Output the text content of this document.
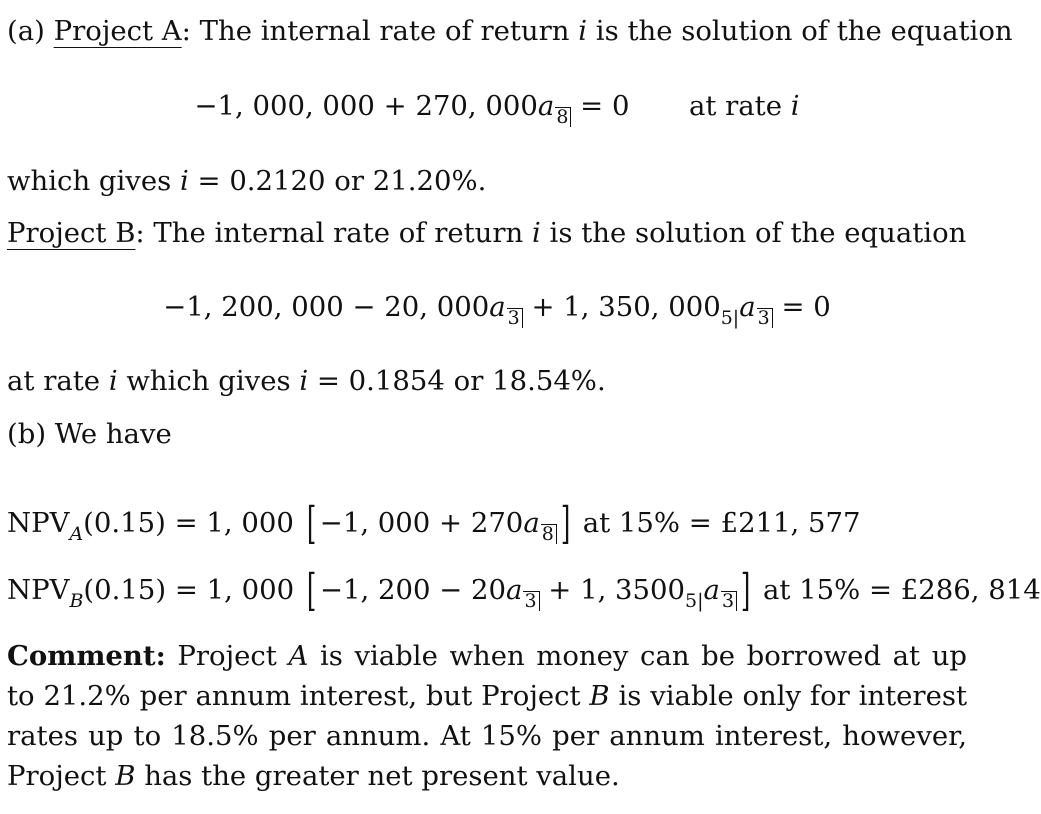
(a) Project A: The internal rate of return i is the solution of the equation
−1, 000, 000 + 270, 000a 8 = 0 at rate i
which gives i = 0.2120 or 21.20%.
Project B: The internal rate of return i is the solution of the equation
−1, 200, 000 − 20, 000a 3 + 1, 350, $000_{5|}a$ 3 = 0
at rate i which gives i = 0.1854 or 18.54%.
(b) We have
$NPV_A(0.15) = 1$, 000 [ −1, 000 + 270a 8 ] at 15% = £211, 577
$NPV_B(0.15) = 1$, 000 [ −1, 200 − 20a 3 + 1, $3500_{5|}a$ 3 ] at 15% = £286, 814
Comment: Project A is viable when money can be borrowed at up to 21.2% per annum interest, but Project B is viable only for interest rates up to 18.5% per annum. At 15% per annum interest, however, Project B has the greater net present value.
